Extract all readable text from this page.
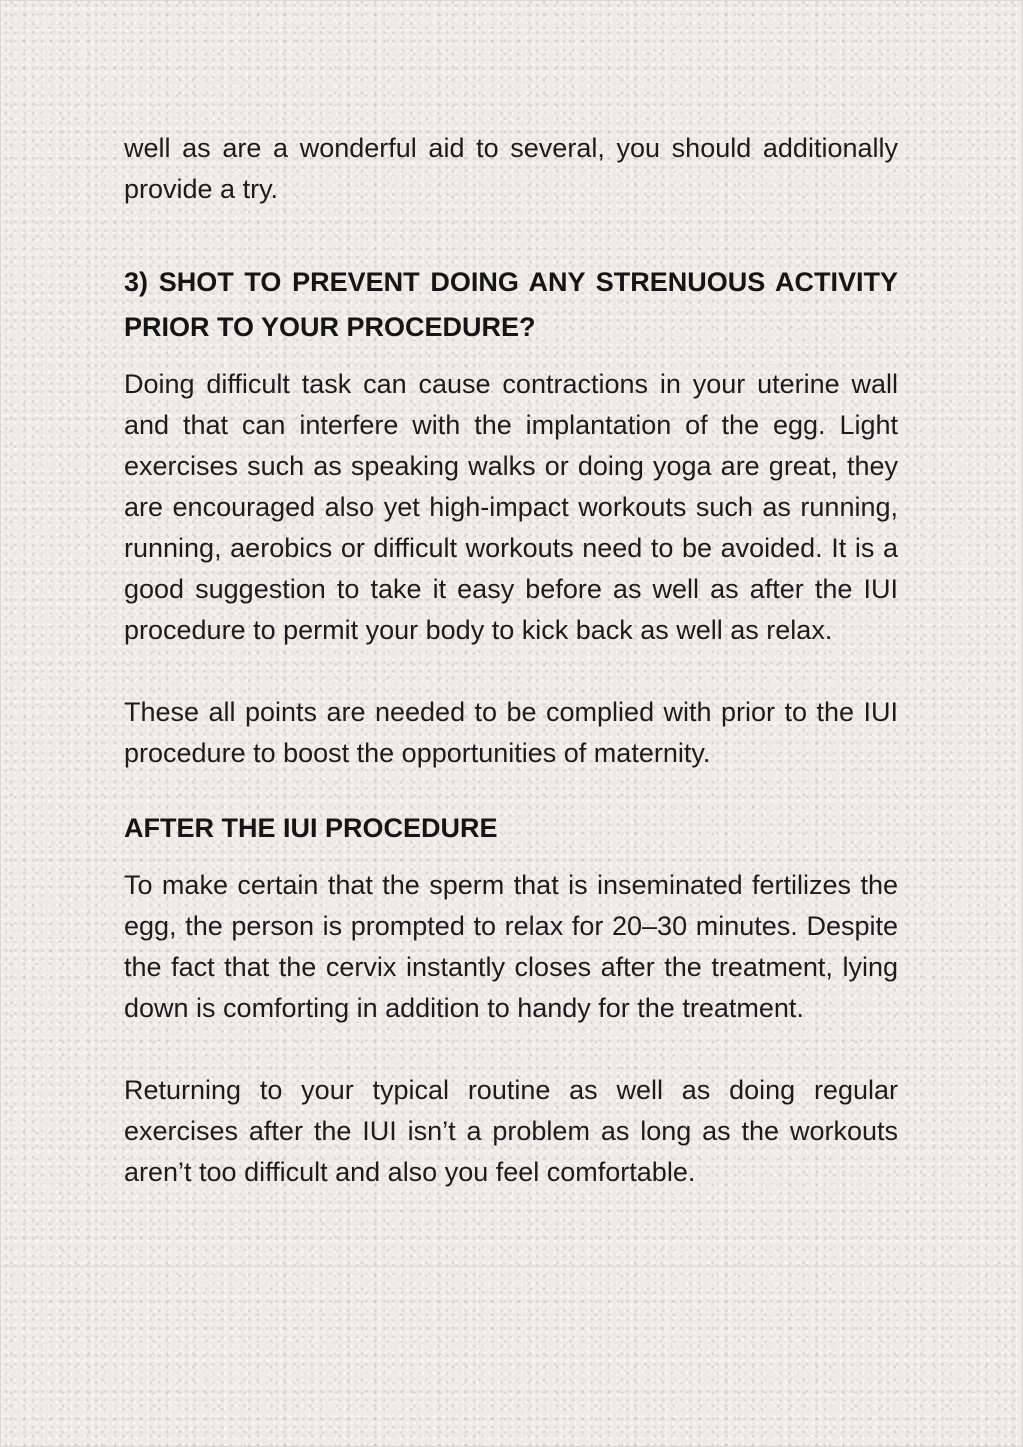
well as are a wonderful aid to several, you should additionally provide a try.

3) SHOT TO PREVENT DOING ANY STRENUOUS ACTIVITY PRIOR TO YOUR PROCEDURE?

Doing difficult task can cause contractions in your uterine wall and that can interfere with the implantation of the egg. Light exercises such as speaking walks or doing yoga are great, they are encouraged also yet high-impact workouts such as running, running, aerobics or difficult workouts need to be avoided. It is a good suggestion to take it easy before as well as after the IUI procedure to permit your body to kick back as well as relax.

These all points are needed to be complied with prior to the IUI procedure to boost the opportunities of maternity.

AFTER THE IUI PROCEDURE

To make certain that the sperm that is inseminated fertilizes the egg, the person is prompted to relax for 20–30 minutes. Despite the fact that the cervix instantly closes after the treatment, lying down is comforting in addition to handy for the treatment.

Returning to your typical routine as well as doing regular exercises after the IUI isn’t a problem as long as the workouts aren’t too difficult and also you feel comfortable.
